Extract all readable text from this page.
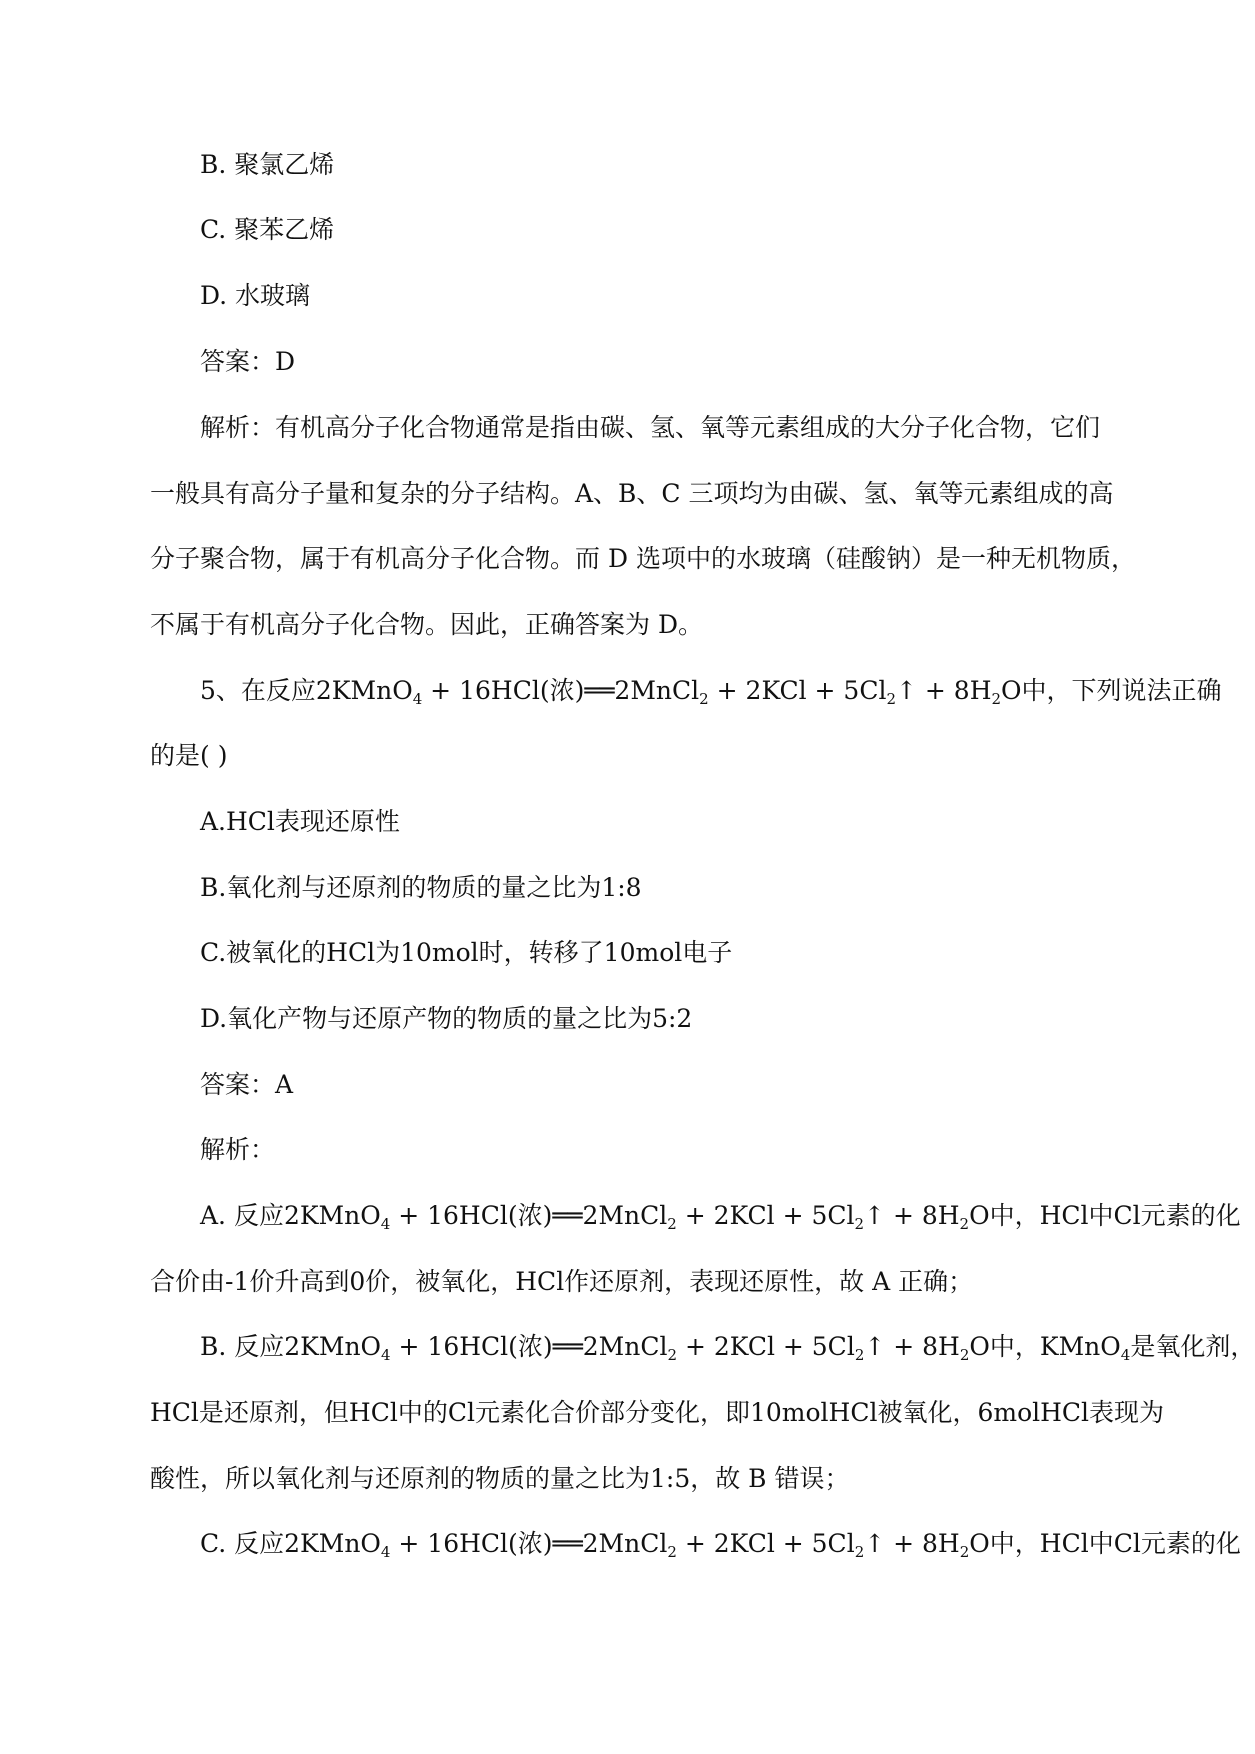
B. 聚氯乙烯
C. 聚苯乙烯
D. 水玻璃
答案：D
解析：有机高分子化合物通常是指由碳、氢、氧等元素组成的大分子化合物，它们
一般具有高分子量和复杂的分子结构。A、B、C 三项均为由碳、氢、氧等元素组成的高
分子聚合物，属于有机高分子化合物。而 D 选项中的水玻璃（硅酸钠）是一种无机物质，
不属于有机高分子化合物。因此，正确答案为 D。
5、在反应2KMnO$_4$ + 16HCl(浓)══2MnCl$_2$ + $2KCl + 5Cl_2↑ + 8H_2O$中，下列说法正确
的是( )
A.HCl表现还原性
B.氧化剂与还原剂的物质的量之比为1:8
C.被氧化的HCl为10mol时，转移了10mol电子
D.氧化产物与还原产物的物质的量之比为5:2
答案：A
解析：
A. 反应2KMnO$_4$ + 16HCl(浓)══2MnCl$_2$ + $2KCl + 5Cl_2↑ + 8H_2O$中，HCl中Cl元素的化
合价由-1价升高到0价，被氧化，HCl作还原剂，表现还原性，故 A 正确；
B. 反应2KMnO$_4$ + 16HCl(浓)══2MnCl$_2$ + $2KCl + 5Cl_2↑ + 8H_2O$中，KMnO$_4$是氧化剂，
HCl是还原剂，但HCl中的Cl元素化合价部分变化，即10molHCl被氧化，6molHCl表现为
酸性，所以氧化剂与还原剂的物质的量之比为1:5，故 B 错误；
C. 反应2KMnO$_4$ + 16HCl(浓)══2MnCl$_2$ + $2KCl + 5Cl_2↑ + 8H_2O$中，HCl中Cl元素的化
